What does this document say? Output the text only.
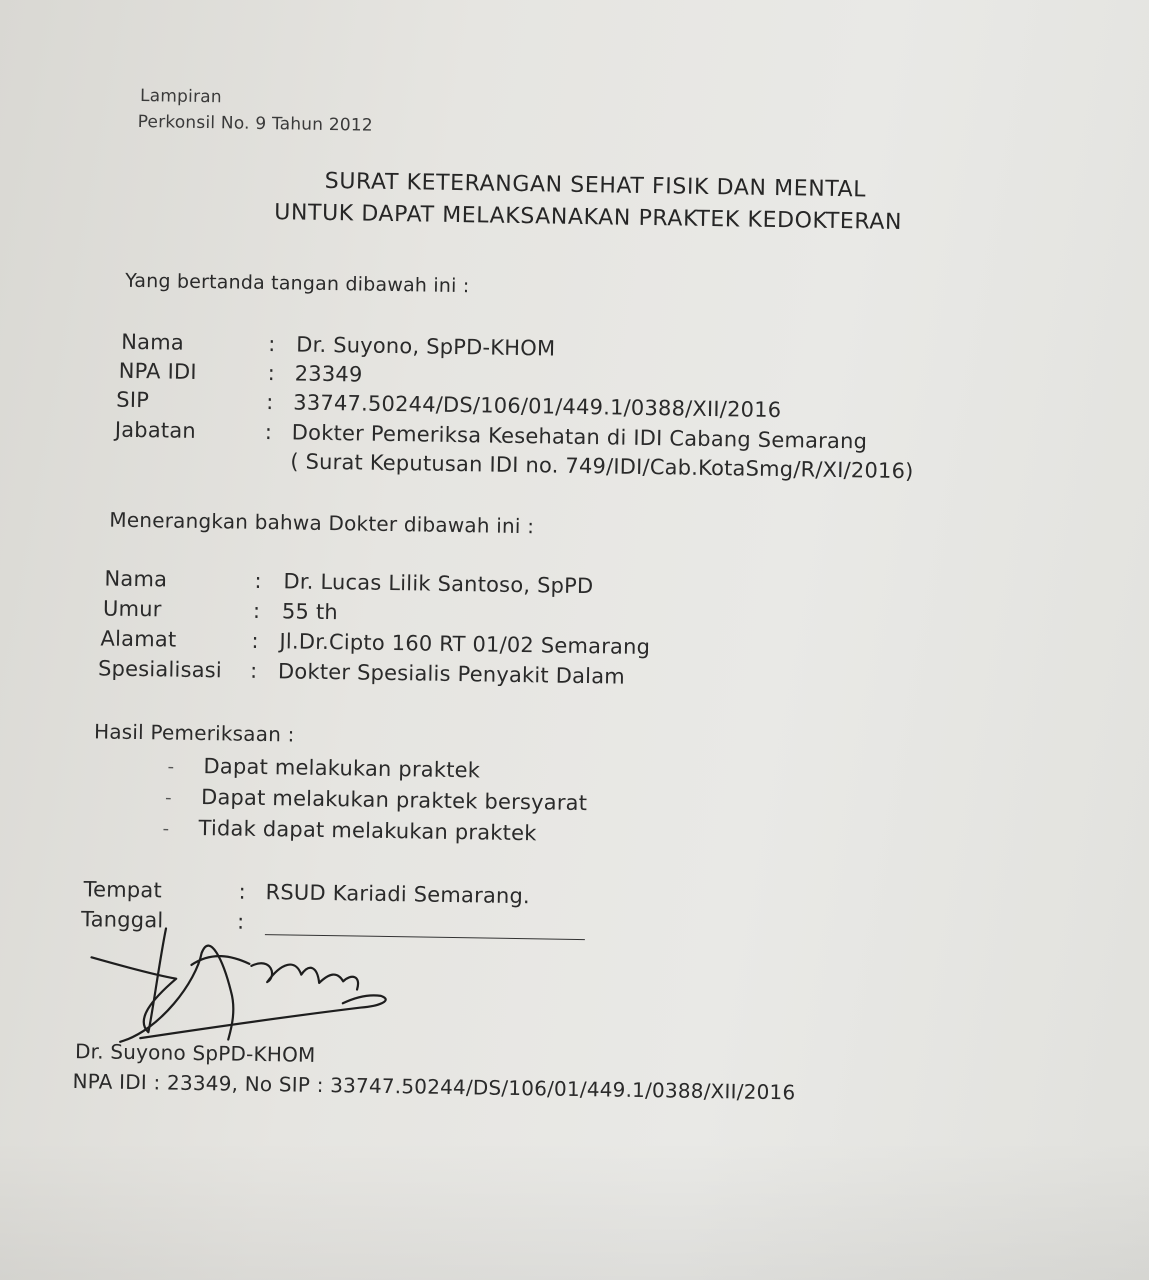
Lampiran
Perkonsil No. 9 Tahun 2012
SURAT KETERANGAN SEHAT FISIK DAN MENTAL
UNTUK DAPAT MELAKSANAKAN PRAKTEK KEDOKTERAN
Yang bertanda tangan dibawah ini :
Nama	: Dr. Suyono, SpPD-KHOM
NPA IDI	: 23349
SIP	: 33747.50244/DS/106/01/449.1/0388/XII/2016
Jabatan	: Dokter Pemeriksa Kesehatan di IDI Cabang Semarang
( Surat Keputusan IDI no. 749/IDI/Cab.KotaSmg/R/XI/2016)
Menerangkan bahwa Dokter dibawah ini :
Nama	: Dr. Lucas Lilik Santoso, SpPD
Umur	: 55 th
Alamat	: Jl.Dr.Cipto 160 RT 01/02 Semarang
Spesialisasi : Dokter Spesialis Penyakit Dalam
Hasil Pemeriksaan :
- Dapat melakukan praktek
- Dapat melakukan praktek bersyarat
- Tidak dapat melakukan praktek
Tempat	: RSUD Kariadi Semarang.
Tanggal	:
Dr. Suyono SpPD-KHOM
NPA IDI : 23349, No SIP : 33747.50244/DS/106/01/449.1/0388/XII/2016
